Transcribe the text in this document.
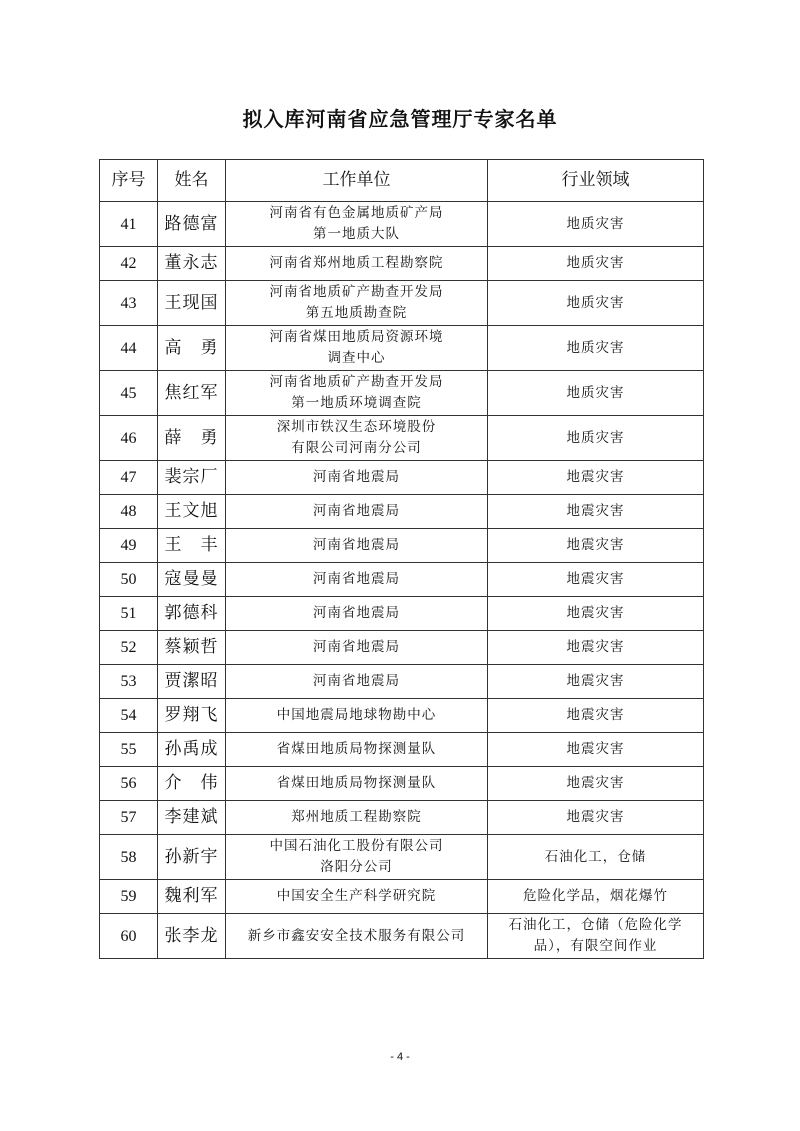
拟入库河南省应急管理厅专家名单
序号	姓名	工作单位	行业领域
41	路德富	河南省有色金属地质矿产局
第一地质大队	地质灾害

42	董永志	河南省郑州地质工程勘察院	地质灾害

43	王现国	河南省地质矿产勘查开发局
第五地质勘查院	地质灾害

44	高　勇	河南省煤田地质局资源环境
调查中心	地质灾害

45	焦红军	河南省地质矿产勘查开发局
第一地质环境调查院	地质灾害

46	薛　勇	深圳市铁汉生态环境股份
有限公司河南分公司	地质灾害

47	裴宗厂	河南省地震局	地震灾害

48	王文旭	河南省地震局	地震灾害

49	王　丰	河南省地震局	地震灾害

50	寇曼曼	河南省地震局	地震灾害

51	郭德科	河南省地震局	地震灾害

52	蔡颖哲	河南省地震局	地震灾害

53	贾潔昭	河南省地震局	地震灾害

54	罗翔飞	中国地震局地球物勘中心	地震灾害

55	孙禹成	省煤田地质局物探测量队	地震灾害

56	介　伟	省煤田地质局物探测量队	地震灾害

57	李建斌	郑州地质工程勘察院	地震灾害

58	孙新宇	中国石油化工股份有限公司
洛阳分公司	石油化工，仓储

59	魏利军	中国安全生产科学研究院	危险化学品，烟花爆竹

60	张李龙	新乡市鑫安安全技术服务有限公司	石油化工，仓储（危险化学
品），有限空间作业
- 4 -
